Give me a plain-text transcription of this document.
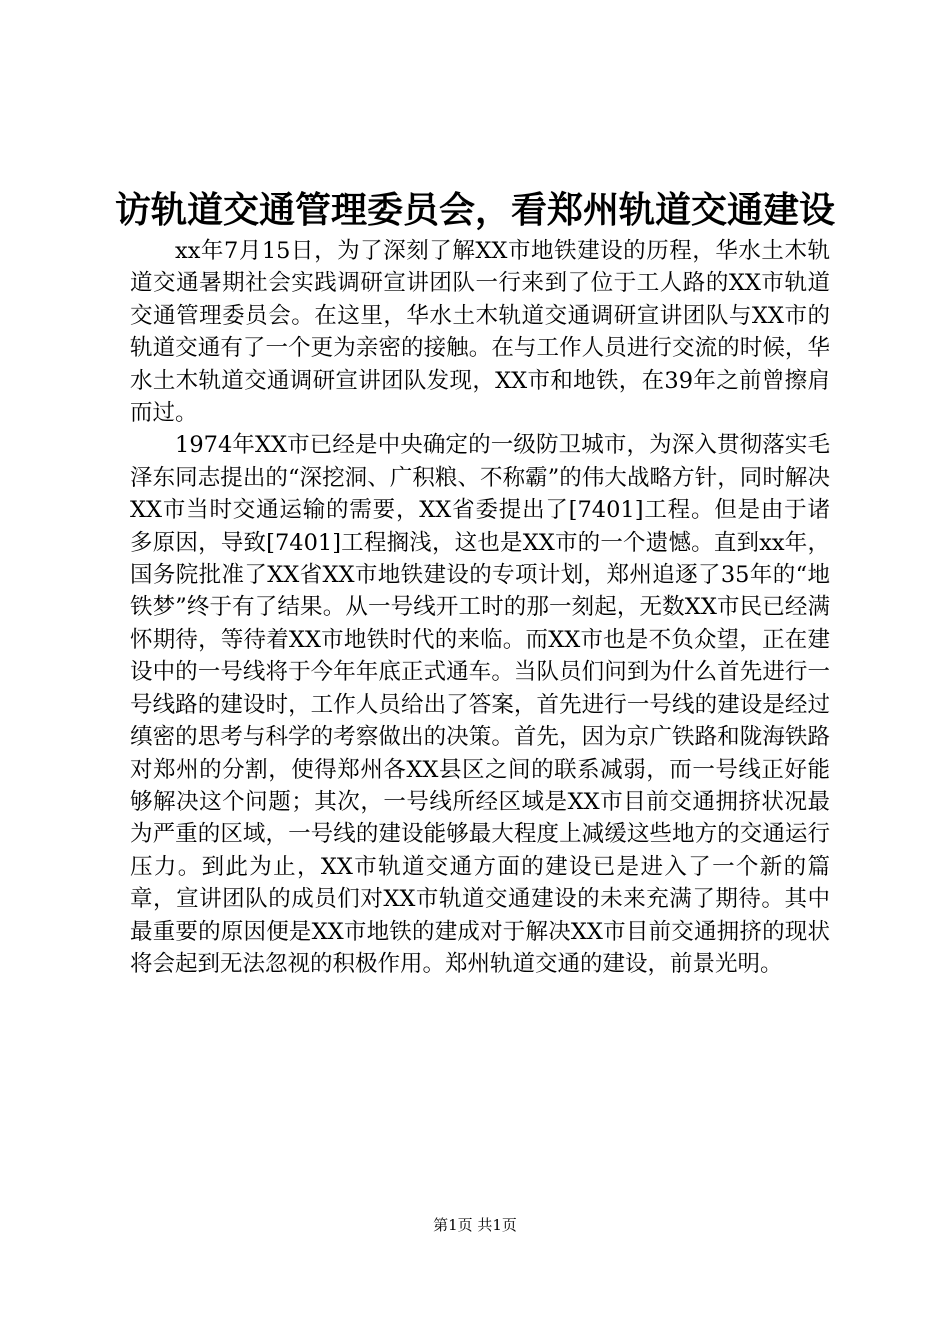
访轨道交通管理委员会，看郑州轨道交通建设

xx年7月15日，为了深刻了解XX市地铁建设的历程，华水土木轨道交通暑期社会实践调研宣讲团队一行来到了位于工人路的XX市轨道交通管理委员会。在这里，华水土木轨道交通调研宣讲团队与XX市的轨道交通有了一个更为亲密的接触。在与工作人员进行交流的时候，华水土木轨道交通调研宣讲团队发现，XX市和地铁，在39年之前曾擦肩而过。

1974年XX市已经是中央确定的一级防卫城市，为深入贯彻落实毛泽东同志提出的“深挖洞、广积粮、不称霸”的伟大战略方针，同时解决XX市当时交通运输的需要，XX省委提出了[7401]工程。但是由于诸多原因，导致[7401]工程搁浅，这也是XX市的一个遗憾。直到xx年，国务院批准了XX省XX市地铁建设的专项计划，郑州追逐了35年的“地铁梦”终于有了结果。从一号线开工时的那一刻起，无数XX市民已经满怀期待，等待着XX市地铁时代的来临。而XX市也是不负众望，正在建设中的一号线将于今年年底正式通车。当队员们问到为什么首先进行一号线路的建设时，工作人员给出了答案，首先进行一号线的建设是经过缜密的思考与科学的考察做出的决策。首先，因为京广铁路和陇海铁路对郑州的分割，使得郑州各XX县区之间的联系减弱，而一号线正好能够解决这个问题；其次，一号线所经区域是XX市目前交通拥挤状况最为严重的区域，一号线的建设能够最大程度上减缓这些地方的交通运行压力。到此为止，XX市轨道交通方面的建设已是进入了一个新的篇章，宣讲团队的成员们对XX市轨道交通建设的未来充满了期待。其中最重要的原因便是XX市地铁的建成对于解决XX市目前交通拥挤的现状将会起到无法忽视的积极作用。郑州轨道交通的建设，前景光明。

第1页 共1页
